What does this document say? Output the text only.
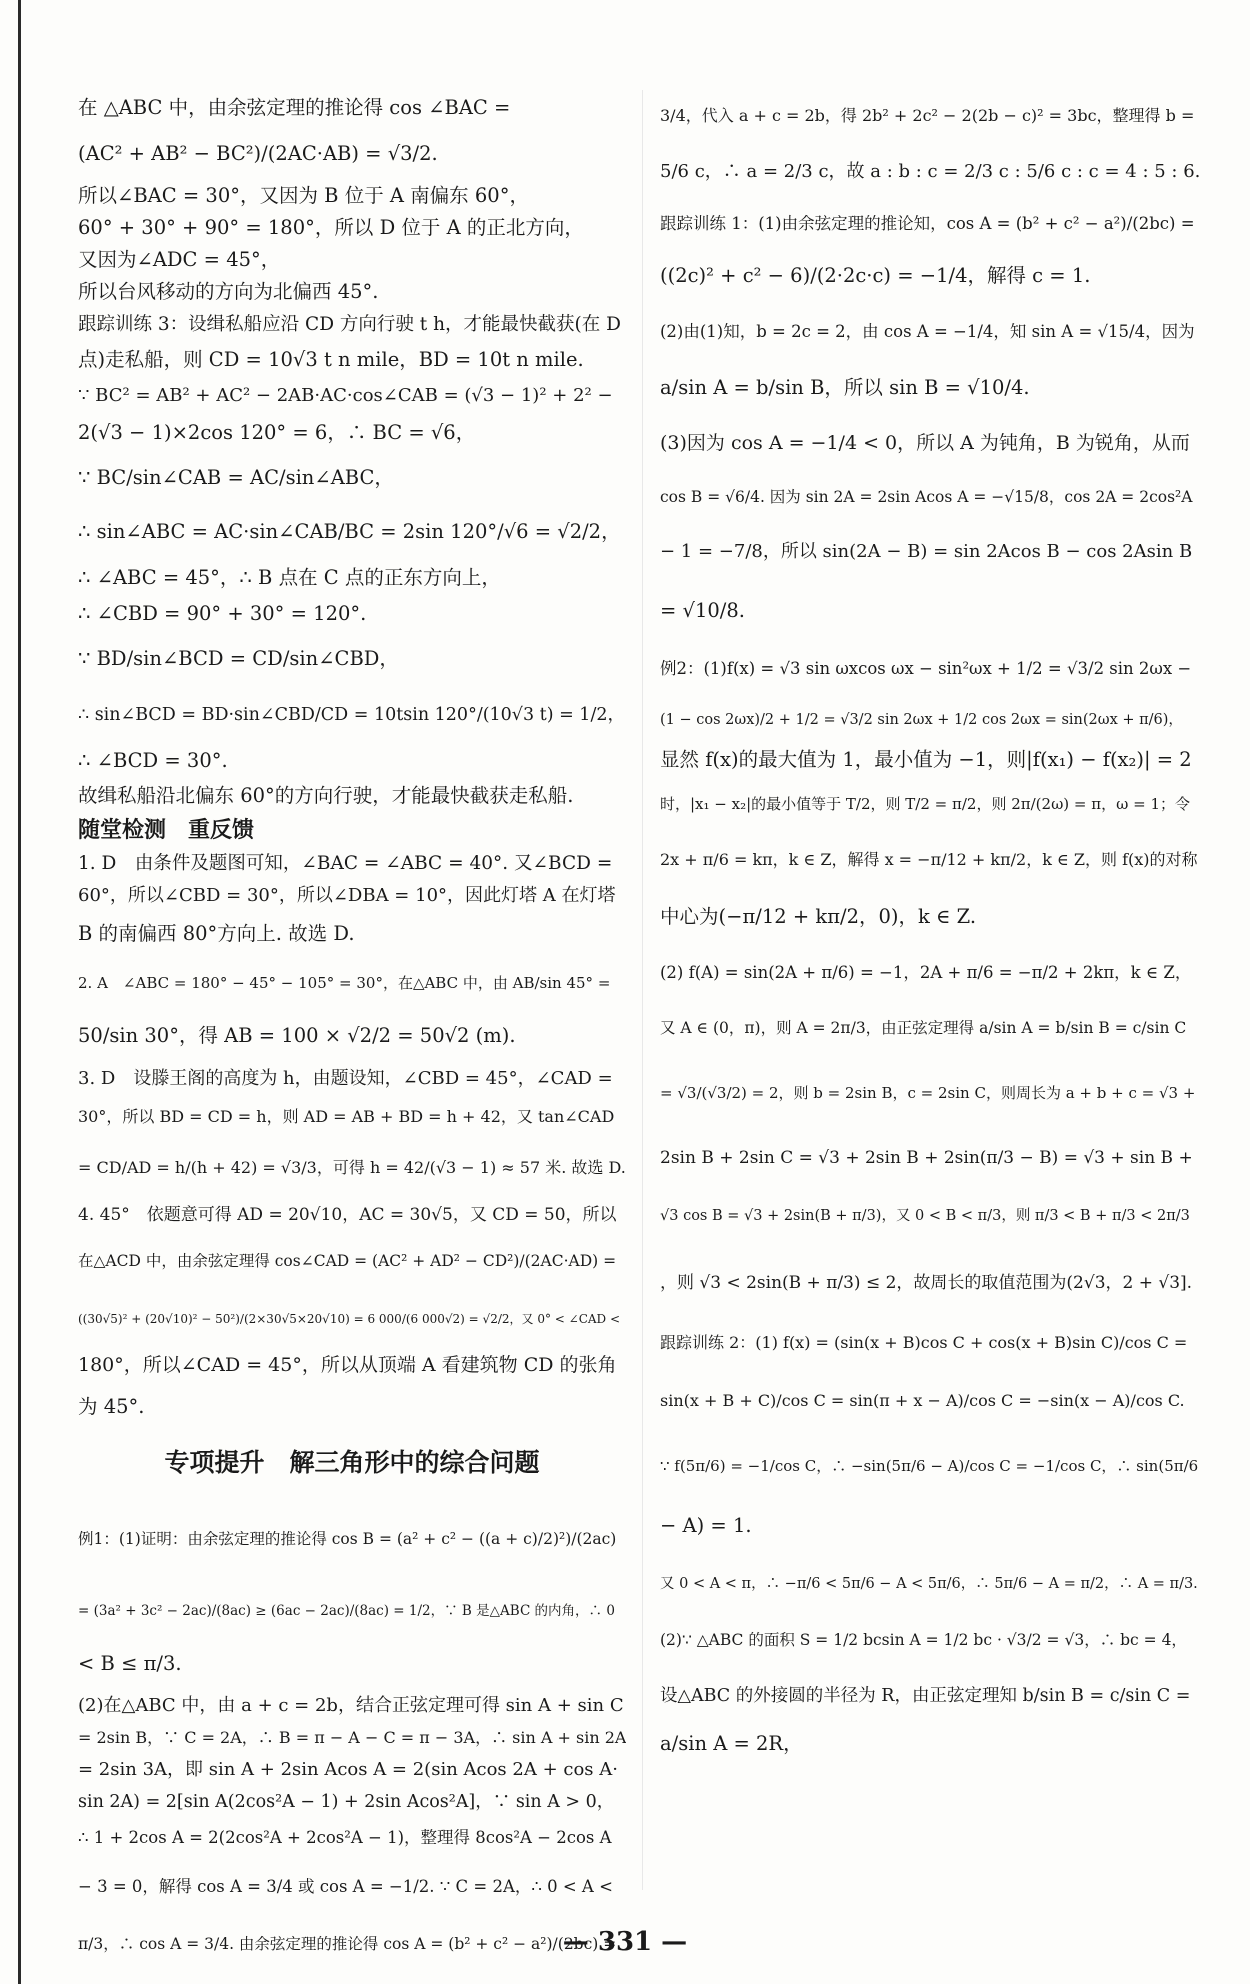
在 △ABC 中，由余弦定理的推论得 cos ∠BAC =
(AC² + AB² − BC²)/(2AC·AB) = √3/2.
所以∠BAC = 30°，又因为 B 位于 A 南偏东 60°，
60° + 30° + 90° = 180°，所以 D 位于 A 的正北方向，
又因为∠ADC = 45°，
所以台风移动的方向为北偏西 45°.
跟踪训练 3：设缉私船应沿 CD 方向行驶 t h，才能最快截获(在 D
点)走私船，则 CD = 10√3 t n mile，BD = 10t n mile.
∵ BC² = AB² + AC² − 2AB·AC·cos∠CAB = (√3 − 1)² + 2² −
2(√3 − 1)×2cos 120° = 6，∴ BC = √6，
∵ BC/sin∠CAB = AC/sin∠ABC，
∴ sin∠ABC = AC·sin∠CAB/BC = 2sin 120°/√6 = √2/2，
∴ ∠ABC = 45°，∴ B 点在 C 点的正东方向上，
∴ ∠CBD = 90° + 30° = 120°.
∵ BD/sin∠BCD = CD/sin∠CBD，
∴ sin∠BCD = BD·sin∠CBD/CD = 10tsin 120°/(10√3 t) = 1/2，
∴ ∠BCD = 30°.
故缉私船沿北偏东 60°的方向行驶，才能最快截获走私船.
随堂检测　重反馈
1. D　由条件及题图可知，∠BAC = ∠ABC = 40°. 又∠BCD =
60°，所以∠CBD = 30°，所以∠DBA = 10°，因此灯塔 A 在灯塔
B 的南偏西 80°方向上. 故选 D.
2. A　∠ABC = 180° − 45° − 105° = 30°，在△ABC 中，由 AB/sin 45° =
50/sin 30°，得 AB = 100 × √2/2 = 50√2 (m).
3. D　设滕王阁的高度为 h，由题设知，∠CBD = 45°，∠CAD =
30°，所以 BD = CD = h，则 AD = AB + BD = h + 42，又 tan∠CAD
= CD/AD = h/(h + 42) = √3/3，可得 h = 42/(√3 − 1) ≈ 57 米. 故选 D.
4. 45°　依题意可得 AD = 20√10，AC = 30√5，又 CD = 50，所以
在△ACD 中，由余弦定理得 cos∠CAD = (AC² + AD² − CD²)/(2AC·AD) =
((30√5)² + (20√10)² − 50²)/(2×30√5×20√10) = 6 000/(6 000√2) = √2/2，又 0° < ∠CAD <
180°，所以∠CAD = 45°，所以从顶端 A 看建筑物 CD 的张角
为 45°.
专项提升　解三角形中的综合问题
例1：(1)证明：由余弦定理的推论得 cos B = (a² + c² − ((a + c)/2)²)/(2ac)
= (3a² + 3c² − 2ac)/(8ac) ≥ (6ac − 2ac)/(8ac) = 1/2，∵ B 是△ABC 的内角，∴ 0
< B ≤ π/3.
(2)在△ABC 中，由 a + c = 2b，结合正弦定理可得 sin A + sin C
= 2sin B，∵ C = 2A，∴ B = π − A − C = π − 3A，∴ sin A + sin 2A
= 2sin 3A，即 sin A + 2sin Acos A = 2(sin Acos 2A + cos A·
sin 2A) = 2[sin A(2cos²A − 1) + 2sin Acos²A]，∵ sin A > 0，
∴ 1 + 2cos A = 2(2cos²A + 2cos²A − 1)，整理得 8cos²A − 2cos A
− 3 = 0，解得 cos A = 3/4 或 cos A = −1/2. ∵ C = 2A，∴ 0 < A <
π/3，∴ cos A = 3/4. 由余弦定理的推论得 cos A = (b² + c² − a²)/(2bc) =
3/4，代入 a + c = 2b，得 2b² + 2c² − 2(2b − c)² = 3bc，整理得 b =
5/6 c，∴ a = 2/3 c，故 a : b : c = 2/3 c : 5/6 c : c = 4 : 5 : 6.
跟踪训练 1：(1)由余弦定理的推论知，cos A = (b² + c² − a²)/(2bc) =
((2c)² + c² − 6)/(2·2c·c) = −1/4，解得 c = 1.
(2)由(1)知，b = 2c = 2，由 cos A = −1/4，知 sin A = √15/4，因为
a/sin A = b/sin B，所以 sin B = √10/4.
(3)因为 cos A = −1/4 < 0，所以 A 为钝角，B 为锐角，从而
cos B = √6/4. 因为 sin 2A = 2sin Acos A = −√15/8，cos 2A = 2cos²A
− 1 = −7/8，所以 sin(2A − B) = sin 2Acos B − cos 2Asin B
= √10/8.
例2：(1)f(x) = √3 sin ωxcos ωx − sin²ωx + 1/2 = √3/2 sin 2ωx −
(1 − cos 2ωx)/2 + 1/2 = √3/2 sin 2ωx + 1/2 cos 2ωx = sin(2ωx + π/6)，
显然 f(x)的最大值为 1，最小值为 −1，则|f(x₁) − f(x₂)| = 2
时，|x₁ − x₂|的最小值等于 T/2，则 T/2 = π/2，则 2π/(2ω) = π，ω = 1；令
2x + π/6 = kπ，k ∈ Z，解得 x = −π/12 + kπ/2，k ∈ Z，则 f(x)的对称
中心为(−π/12 + kπ/2，0)，k ∈ Z.
(2) f(A) = sin(2A + π/6) = −1，2A + π/6 = −π/2 + 2kπ，k ∈ Z，
又 A ∈ (0，π)，则 A = 2π/3，由正弦定理得 a/sin A = b/sin B = c/sin C
= √3/(√3/2) = 2，则 b = 2sin B，c = 2sin C，则周长为 a + b + c = √3 +
2sin B + 2sin C = √3 + 2sin B + 2sin(π/3 − B) = √3 + sin B +
√3 cos B = √3 + 2sin(B + π/3)，又 0 < B < π/3，则 π/3 < B + π/3 < 2π/3
，则 √3 < 2sin(B + π/3) ≤ 2，故周长的取值范围为(2√3，2 + √3].
跟踪训练 2：(1) f(x) = (sin(x + B)cos C + cos(x + B)sin C)/cos C =
sin(x + B + C)/cos C = sin(π + x − A)/cos C = −sin(x − A)/cos C.
∵ f(5π/6) = −1/cos C，∴ −sin(5π/6 − A)/cos C = −1/cos C，∴ sin(5π/6
− A) = 1.
又 0 < A < π，∴ −π/6 < 5π/6 − A < 5π/6，∴ 5π/6 − A = π/2，∴ A = π/3.
(2)∵ △ABC 的面积 S = 1/2 bcsin A = 1/2 bc · √3/2 = √3，∴ bc = 4，
设△ABC 的外接圆的半径为 R，由正弦定理知 b/sin B = c/sin C =
a/sin A = 2R，
— 331 —
